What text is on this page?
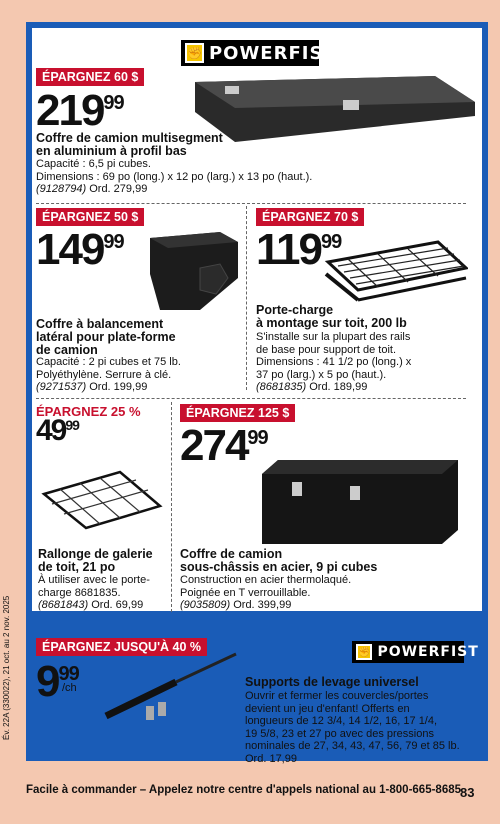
✊ POWERFIST
ÉPARGNEZ 60 $
$219^{99}$
Coffre de camion multisegment
en aluminium à profil bas
Capacité : 6,5 pi cubes.
Dimensions : 69 po (long.) x 12 po (larg.) x 13 po (haut.).
(9128794) Ord. 279,99
ÉPARGNEZ 50 $
$149^{99}$
Coffre à balancement
latéral pour plate-forme
de camion
Capacité : 2 pi cubes et 75 lb.
Polyéthylène. Serrure à clé.
(9271537) Ord. 199,99
ÉPARGNEZ 70 $
$119^{99}$
Porte-charge
à montage sur toit, 200 lb
S'installe sur la plupart des rails
de base pour support de toit.
Dimensions : 41 1/2 po (long.) x
37 po (larg.) x 5 po (haut.).
(8681835) Ord. 189,99
ÉPARGNEZ 25 %
$49^{99}$
Rallonge de galerie
de toit, 21 po
À utiliser avec le porte-
charge 8681835.
(8681843) Ord. 69,99
ÉPARGNEZ 125 $
$274^{99}$
Coffre de camion
sous-châssis en acier, 9 pi cubes
Construction en acier thermolaqué.
Poignée en T verrouillable.
(9035809) Ord. 399,99
ÉPARGNEZ JUSQU'À 40 %	✊ POWERFIST
$9^{99}$
/ch	Supports de levage universel
Ouvrir et fermer les couvercles/portes
devient un jeu d'enfant! Offerts en
longueurs de 12 3/4, 14 1/2, 16, 17 1/4,
19 5/8, 23 et 27 po avec des pressions
nominales de 27, 34, 43, 47, 56, 79 et 85 lb.
Ord. 17,99
Facile à commander – Appelez notre centre d'appels national au 1-800-665-8685
83
Év. 22A (330022), 21 oct. au 2 nov. 2025
